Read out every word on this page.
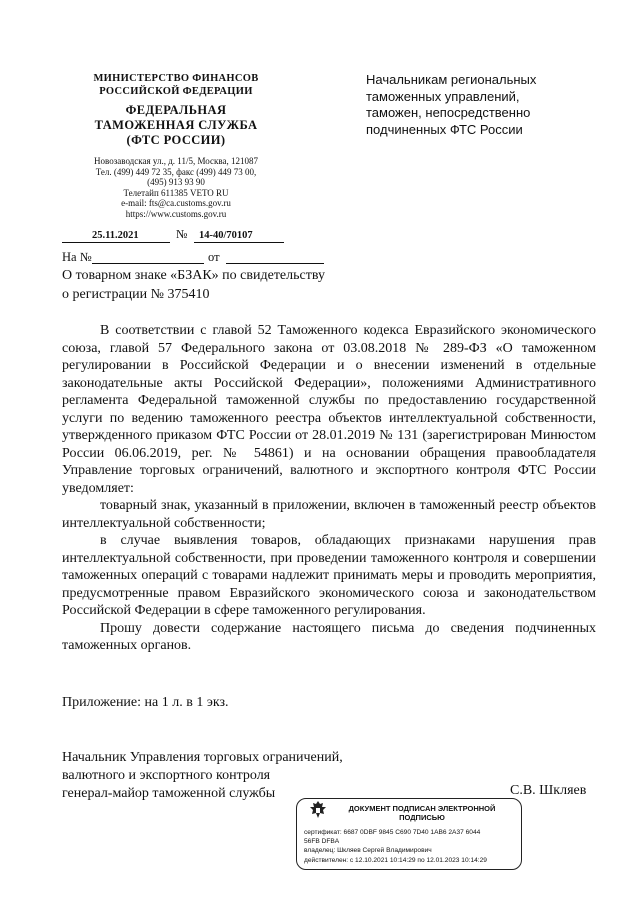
МИНИСТЕРСТВО ФИНАНСОВ
РОССИЙСКОЙ ФЕДЕРАЦИИ
ФЕДЕРАЛЬНАЯ
ТАМОЖЕННАЯ СЛУЖБА
(ФТС РОССИИ)
Новозаводская ул., д. 11/5, Москва, 121087
Тел. (499) 449 72 35, факс (499) 449 73 00,
(495) 913 93 90
Телетайп 611385 VETO RU
e-mail: fts@ca.customs.gov.ru
https://www.customs.gov.ru
Начальникам региональных
таможенных управлений,
таможен, непосредственно
подчиненных ФТС России
25.11.2021	№ 14-40/70107
На №	от
О товарном знаке «БЗАК» по свидетельству
о регистрации № 375410

В соответствии с главой 52 Таможенного кодекса Евразийского экономического союза, главой 57 Федерального закона от 03.08.2018 № 289-ФЗ «О таможенном регулировании в Российской Федерации и о внесении изменений в отдельные законодательные акты Российской Федерации», положениями Административного регламента Федеральной таможенной службы по предоставлению государственной услуги по ведению таможенного реестра объектов интеллектуальной собственности, утвержденного приказом ФТС России от 28.01.2019 № 131 (зарегистрирован Минюстом России 06.06.2019, рег. № 54861) и на основании обращения правообладателя Управление торговых ограничений, валютного и экспортного контроля ФТС России уведомляет:

товарный знак, указанный в приложении, включен в таможенный реестр объектов интеллектуальной собственности;

в случае выявления товаров, обладающих признаками нарушения прав интеллектуальной собственности, при проведении таможенного контроля и совершении таможенных операций с товарами надлежит принимать меры и проводить мероприятия, предусмотренные правом Евразийского экономического союза и законодательством Российской Федерации в сфере таможенного регулирования.

Прошу довести содержание настоящего письма до сведения подчиненных таможенных органов.

Приложение: на 1 л. в 1 экз.
Начальник Управления торговых ограничений,
валютного и экспортного контроля
генерал-майор таможенной службы	С.В. Шкляев
ДОКУМЕНТ ПОДПИСАН ЭЛЕКТРОННОЙ
ПОДПИСЬЮ
сертификат: 6687 0DBF 9845 C690 7D40 1AB6 2A37 6044
56FB DFBA
владелец: Шкляев Сергей Владимирович
действителен: с 12.10.2021 10:14:29 по 12.01.2023 10:14:29
